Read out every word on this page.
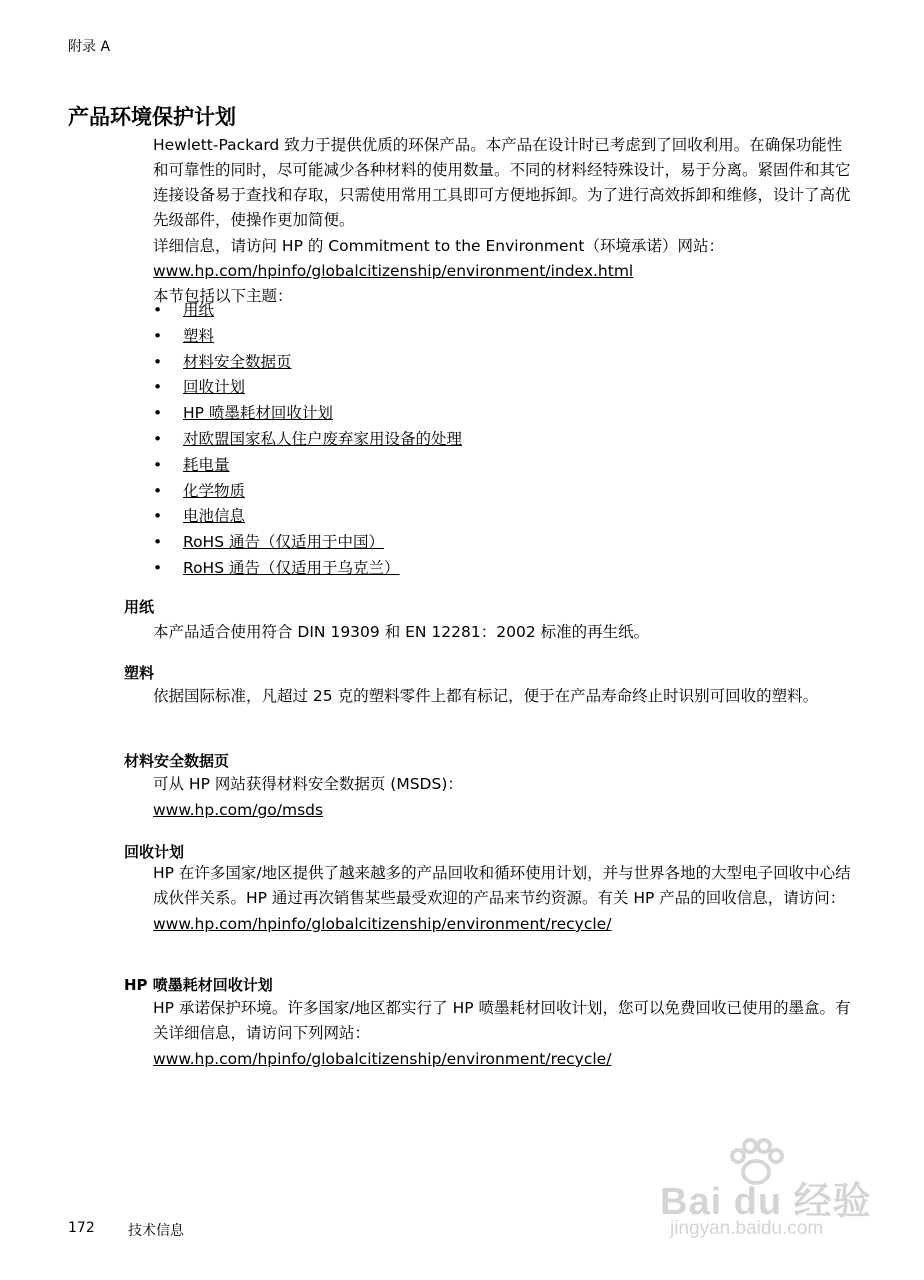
附录 A
产品环境保护计划

Hewlett-Packard 致力于提供优质的环保产品。本产品在设计时已考虑到了回收利用。在确保功能性和可靠性的同时，尽可能减少各种材料的使用数量。不同的材料经特殊设计，易于分离。紧固件和其它连接设备易于查找和存取，只需使用常用工具即可方便地拆卸。为了进行高效拆卸和维修，设计了高优先级部件，使操作更加简便。

详细信息，请访问 HP 的 Commitment to the Environment（环境承诺）网站：

www.hp.com/hpinfo/globalcitizenship/environment/index.html

本节包括以下主题：

• 用纸
• 塑料
• 材料安全数据页
• 回收计划
• HP 喷墨耗材回收计划
• 对欧盟国家私人住户废弃家用设备的处理
• 耗电量
• 化学物质
• 电池信息
• RoHS 通告（仅适用于中国）
• RoHS 通告（仅适用于乌克兰）
用纸

本产品适合使用符合 DIN 19309 和 EN 12281：2002 标准的再生纸。

塑料

依据国际标准，凡超过 25 克的塑料零件上都有标记，便于在产品寿命终止时识别可回收的塑料。

材料安全数据页

可从 HP 网站获得材料安全数据页 (MSDS)：

www.hp.com/go/msds

回收计划

HP 在许多国家/地区提供了越来越多的产品回收和循环使用计划，并与世界各地的大型电子回收中心结成伙伴关系。HP 通过再次销售某些最受欢迎的产品来节约资源。有关 HP 产品的回收信息，请访问：

www.hp.com/hpinfo/globalcitizenship/environment/recycle/

HP 喷墨耗材回收计划

HP 承诺保护环境。许多国家/地区都实行了 HP 喷墨耗材回收计划，您可以免费回收已使用的墨盒。有关详细信息，请访问下列网站：

www.hp.com/hpinfo/globalcitizenship/environment/recycle/

Bai du 经验
jingyan.baidu.com
172 技术信息
